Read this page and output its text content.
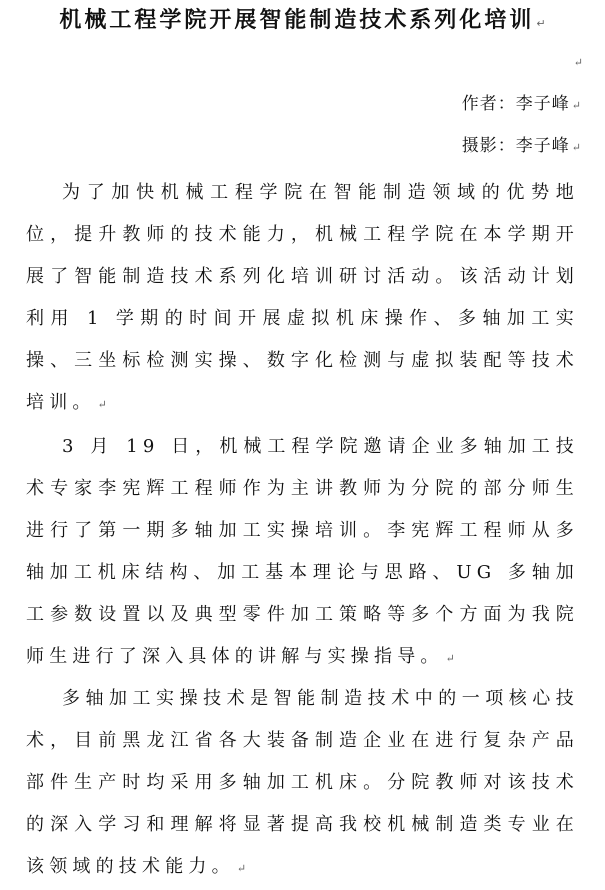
机械工程学院开展智能制造技术系列化培训 ↵
↵
作者：李子峰 ↵
摄影：李子峰 ↵

为了加快机械工程学院在智能制造领域的优势地位，提升教师的技术能力，机械工程学院在本学期开展了智能制造技术系列化培训研讨活动。该活动计划利用 1 学期的时间开展虚拟机床操作、多轴加工实操、三坐标检测实操、数字化检测与虚拟装配等技术培训。 ↵

3 月 19 日，机械工程学院邀请企业多轴加工技术专家李宪辉工程师作为主讲教师为分院的部分师生进行了第一期多轴加工实操培训。李宪辉工程师从多轴加工机床结构、加工基本理论与思路、UG 多轴加工参数设置以及典型零件加工策略等多个方面为我院师生进行了深入具体的讲解与实操指导。 ↵

多轴加工实操技术是智能制造技术中的一项核心技术，目前黑龙江省各大装备制造企业在进行复杂产品部件生产时均采用多轴加工机床。分院教师对该技术的深入学习和理解将显著提高我校机械制造类专业在该领域的技术能力。 ↵
